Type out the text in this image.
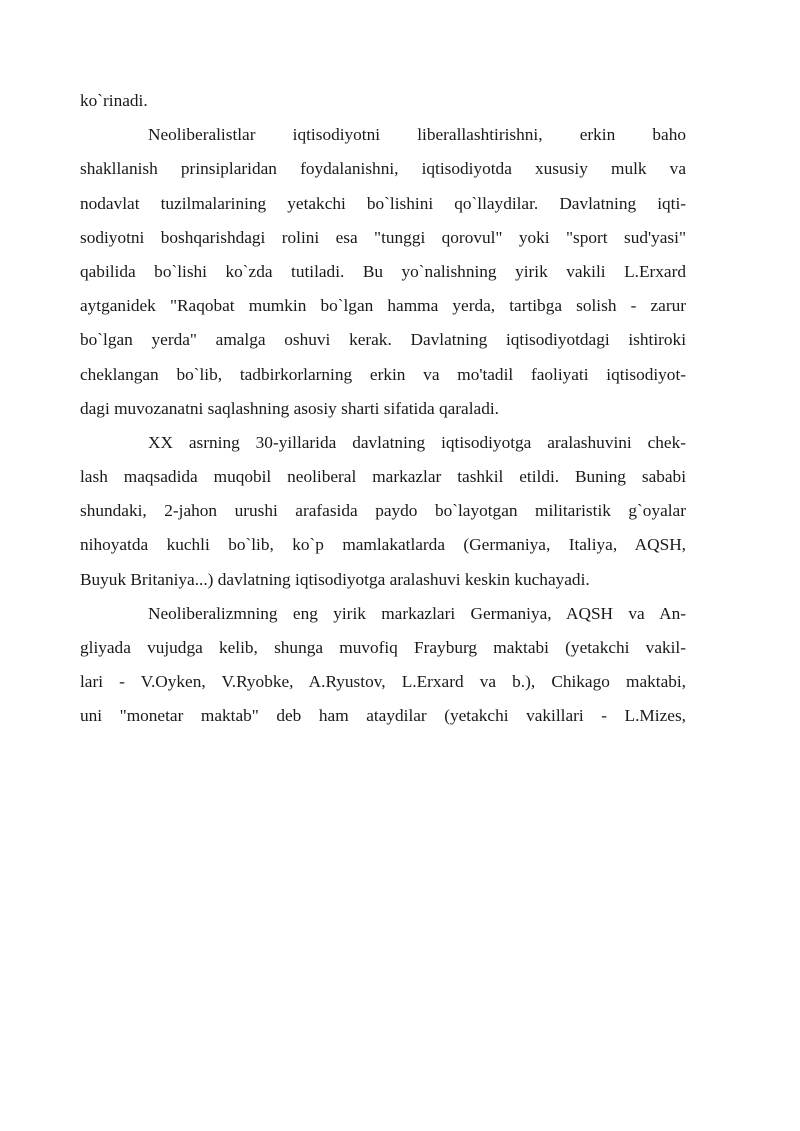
ko`rinadi.
Neoliberalistlar iqtisodiyotni liberallashtirishni, erkin baho
shakllanish prinsiplaridan foydalanishni, iqtisodiyotda xususiy mulk va
nodavlat tuzilmalarining yetakchi bo`lishini qo`llaydilar. Davlatning iqti-
sodiyotni boshqarishdagi rolini esa "tunggi qorovul" yoki "sport sud'yasi"
qabilida bo`lishi ko`zda tutiladi. Bu yo`nalishning yirik vakili L.Erxard
aytganidek "Raqobat mumkin bo`lgan hamma yerda, tartibga solish - zarur
bo`lgan yerda" amalga oshuvi kerak. Davlatning iqtisodiyotdagi ishtiroki
cheklangan bo`lib, tadbirkorlarning erkin va mo'tadil faoliyati iqtisodiyot-
dagi muvozanatni saqlashning asosiy sharti sifatida qaraladi.
XX asrning 30-yillarida davlatning iqtisodiyotga aralashuvini chek-
lash maqsadida muqobil neoliberal markazlar tashkil etildi. Buning sababi
shundaki, 2-jahon urushi arafasida paydo bo`layotgan militaristik g`oyalar
nihoyatda kuchli bo`lib, ko`p mamlakatlarda (Germaniya, Italiya, AQSH,
Buyuk Britaniya...) davlatning iqtisodiyotga aralashuvi keskin kuchayadi.
Neoliberalizmning eng yirik markazlari Germaniya, AQSH va An-
gliyada vujudga kelib, shunga muvofiq Frayburg maktabi (yetakchi vakil-
lari - V.Oyken, V.Ryobke, A.Ryustov, L.Erxard va b.), Chikago maktabi,
uni "monetar maktab" deb ham ataydilar (yetakchi vakillari - L.Mizes,
